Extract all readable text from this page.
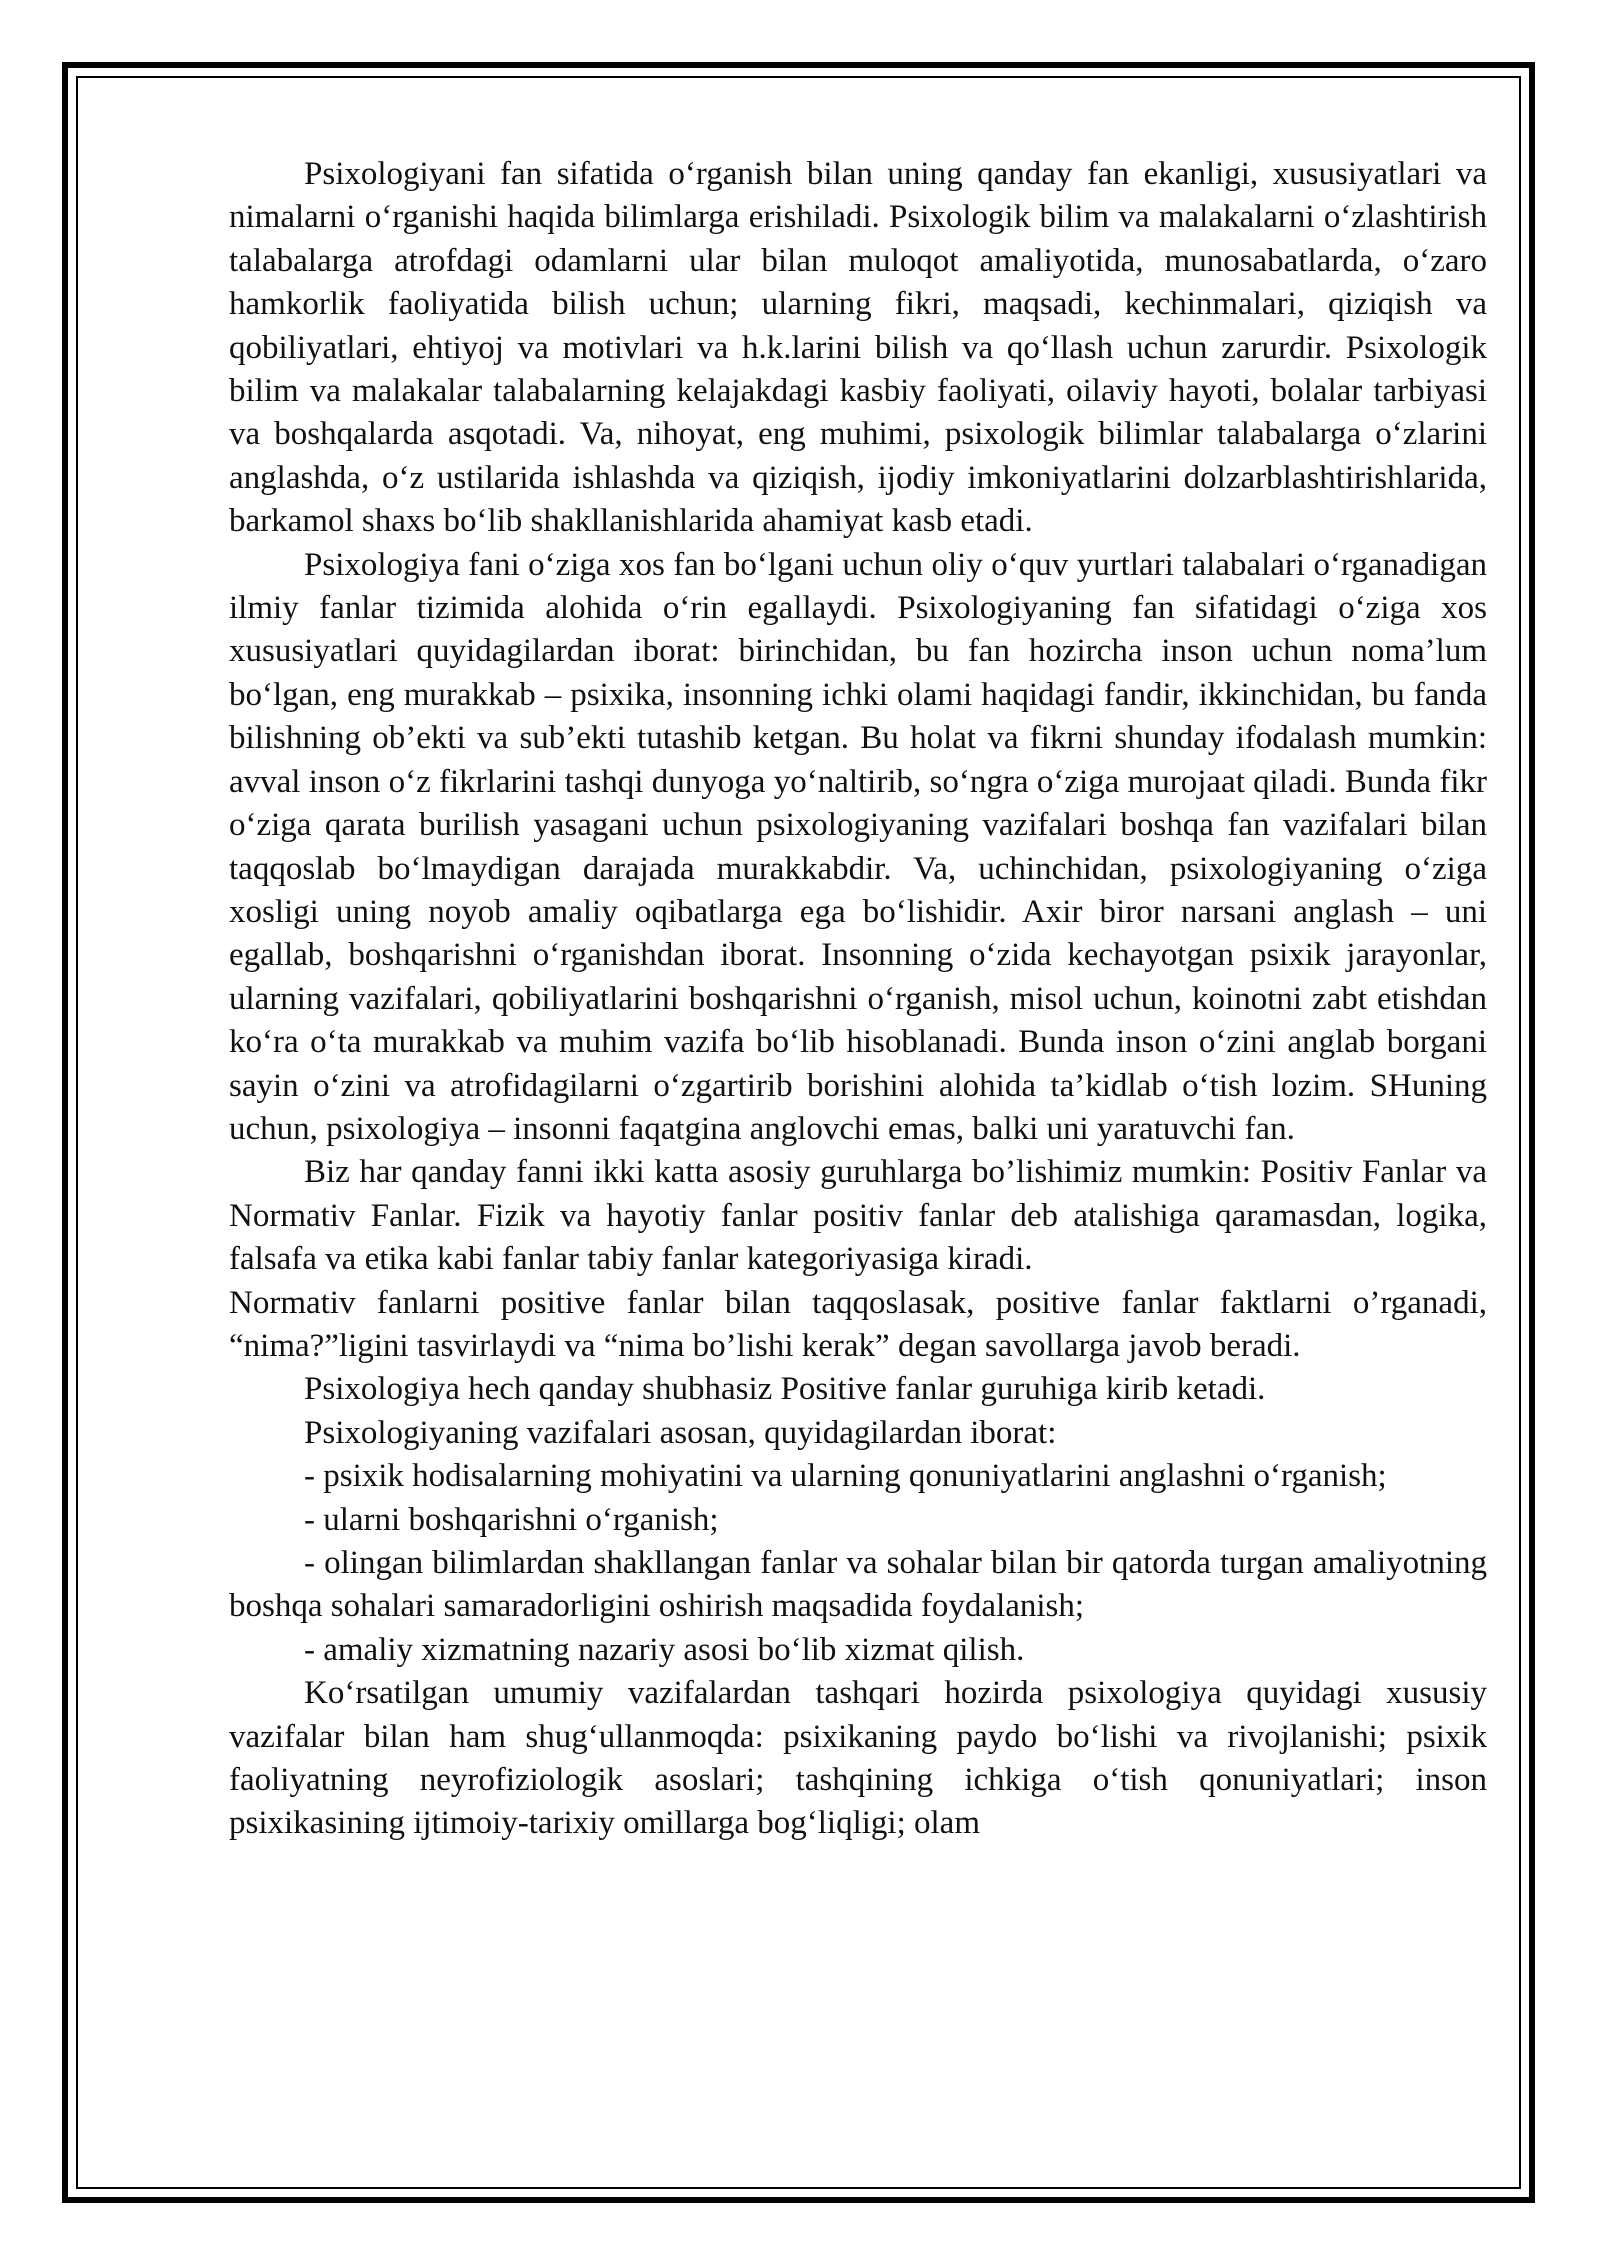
Psixologiyani fan sifatida o‘rganish bilan uning qanday fan ekanligi, xususiyatlari va nimalarni o‘rganishi haqida bilimlarga erishiladi. Psixologik bilim va malakalarni o‘zlashtirish talabalarga atrofdagi odamlarni ular bilan muloqot amaliyotida, munosabatlarda, o‘zaro hamkorlik faoliyatida bilish uchun; ularning fikri, maqsadi, kechinmalari, qiziqish va qobiliyatlari, ehtiyoj va motivlari va h.k.larini bilish va qo‘llash uchun zarurdir. Psixologik bilim va malakalar talabalarning kelajakdagi kasbiy faoliyati, oilaviy hayoti, bolalar tarbiyasi va boshqalarda asqotadi. Va, nihoyat, eng muhimi, psixologik bilimlar talabalarga o‘zlarini anglashda, o‘z ustilarida ishlashda va qiziqish, ijodiy imkoniyatlarini dolzarblashtirishlarida, barkamol shaxs bo‘lib shakllanishlarida ahamiyat kasb etadi.

Psixologiya fani o‘ziga xos fan bo‘lgani uchun oliy o‘quv yurtlari talabalari o‘rganadigan ilmiy fanlar tizimida alohida o‘rin egallaydi. Psixologiyaning fan sifatidagi o‘ziga xos xususiyatlari quyidagilardan iborat: birinchidan, bu fan hozircha inson uchun noma’lum bo‘lgan, eng murakkab – psixika, insonning ichki olami haqidagi fandir, ikkinchidan, bu fanda bilishning ob’ekti va sub’ekti tutashib ketgan. Bu holat va fikrni shunday ifodalash mumkin: avval inson o‘z fikrlarini tashqi dunyoga yo‘naltirib, so‘ngra o‘ziga murojaat qiladi. Bunda fikr o‘ziga qarata burilish yasagani uchun psixologiyaning vazifalari boshqa fan vazifalari bilan taqqoslab bo‘lmaydigan darajada murakkabdir. Va, uchinchidan, psixologiyaning o‘ziga xosligi uning noyob amaliy oqibatlarga ega bo‘lishidir. Axir biror narsani anglash – uni egallab, boshqarishni o‘rganishdan iborat. Insonning o‘zida kechayotgan psixik jarayonlar, ularning vazifalari, qobiliyatlarini boshqarishni o‘rganish, misol uchun, koinotni zabt etishdan ko‘ra o‘ta murakkab va muhim vazifa bo‘lib hisoblanadi. Bunda inson o‘zini anglab borgani sayin o‘zini va atrofidagilarni o‘zgartirib borishini alohida ta’kidlab o‘tish lozim. SHuning uchun, psixologiya – insonni faqatgina anglovchi emas, balki uni yaratuvchi fan.

Biz har qanday fanni ikki katta asosiy guruhlarga bo’lishimiz mumkin: Positiv Fanlar va Normativ Fanlar. Fizik va hayotiy fanlar positiv fanlar deb atalishiga qaramasdan, logika, falsafa va etika kabi fanlar tabiy fanlar kategoriyasiga kiradi.

Normativ fanlarni positive fanlar bilan taqqoslasak, positive fanlar faktlarni o’rganadi, “nima?”ligini tasvirlaydi va “nima bo’lishi kerak” degan savollarga javob beradi.

Psixologiya hech qanday shubhasiz Positive fanlar guruhiga kirib ketadi.

Psixologiyaning vazifalari asosan, quyidagilardan iborat:

- psixik hodisalarning mohiyatini va ularning qonuniyatlarini anglashni o‘rganish;

- ularni boshqarishni o‘rganish;

- olingan bilimlardan shakllangan fanlar va sohalar bilan bir qatorda turgan amaliyotning boshqa sohalari samaradorligini oshirish maqsadida foydalanish;

- amaliy xizmatning nazariy asosi bo‘lib xizmat qilish.

Ko‘rsatilgan umumiy vazifalardan tashqari hozirda psixologiya quyidagi xususiy vazifalar bilan ham shug‘ullanmoqda: psixikaning paydo bo‘lishi va rivojlanishi; psixik faoliyatning neyrofiziologik asoslari; tashqining ichkiga o‘tish qonuniyatlari; inson psixikasining ijtimoiy-tarixiy omillarga bog‘liqligi; olam
